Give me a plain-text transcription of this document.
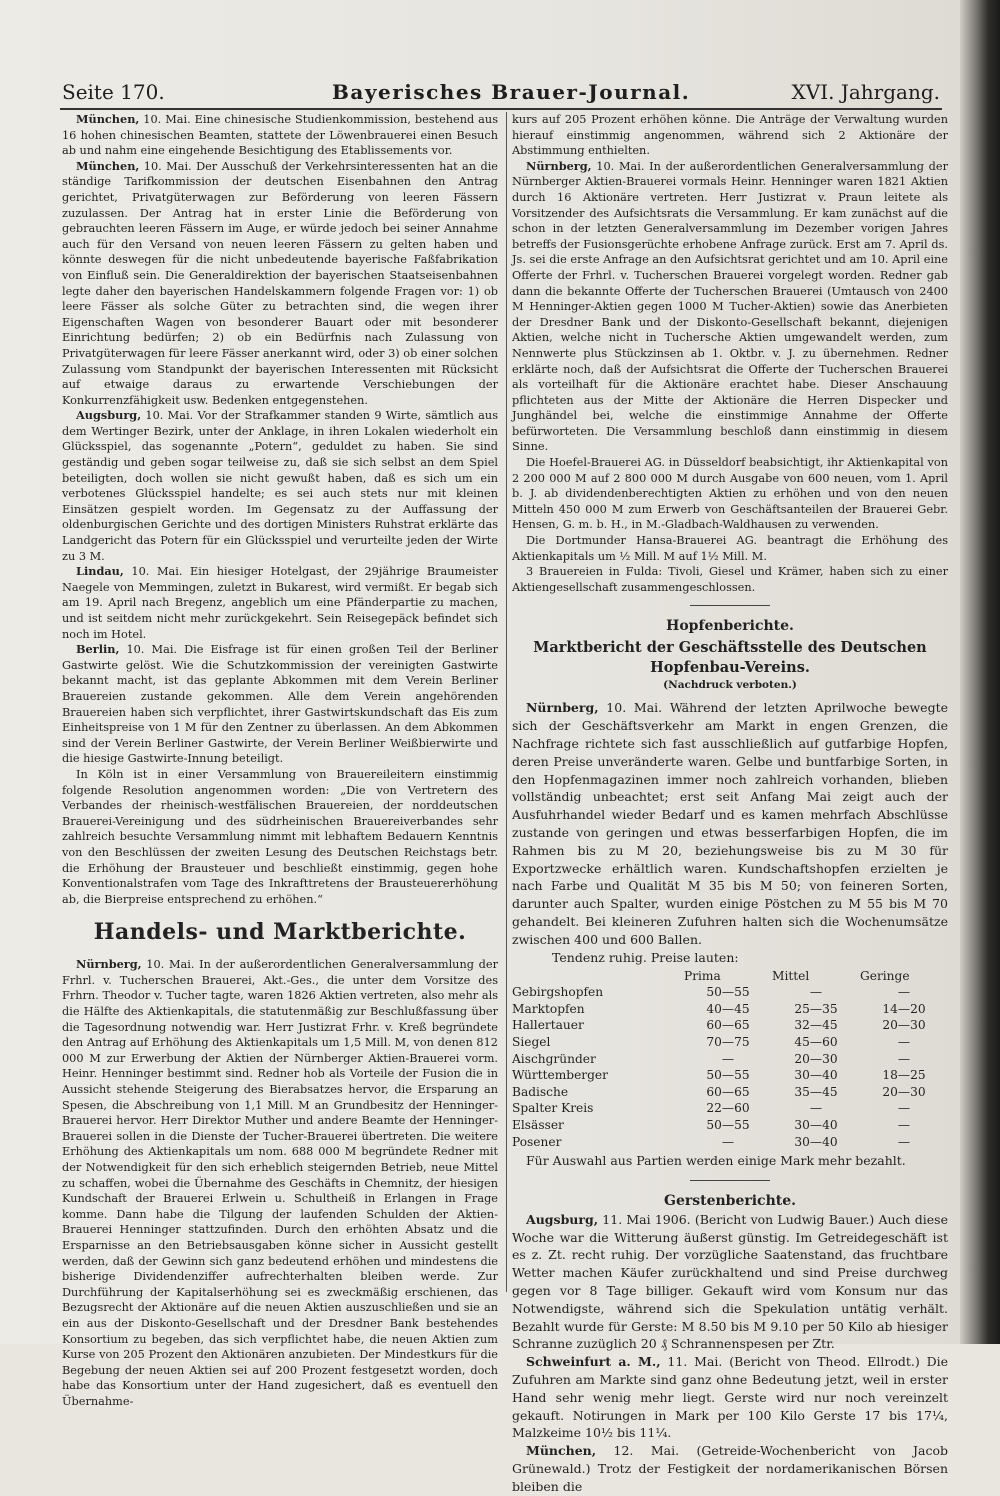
Seite 170.	Bayerisches Brauer-Journal.	XVI. Jahrgang.

München, 10. Mai. Eine chinesische Studienkommission, bestehend aus 16 hohen chinesischen Beamten, stattete der Löwenbrauerei einen Besuch ab und nahm eine eingehende Besichtigung des Etablissements vor.

München, 10. Mai. Der Ausschuß der Verkehrsinteressenten hat an die ständige Tarifkommission der deutschen Eisenbahnen den Antrag gerichtet, Privatgüterwagen zur Beförderung von leeren Fässern zuzulassen. Der Antrag hat in erster Linie die Beförderung von gebrauchten leeren Fässern im Auge, er würde jedoch bei seiner Annahme auch für den Versand von neuen leeren Fässern zu gelten haben und könnte deswegen für die nicht unbedeutende bayerische Faßfabrikation von Einfluß sein. Die Generaldirektion der bayerischen Staatseisenbahnen legte daher den bayerischen Handelskammern folgende Fragen vor: 1) ob leere Fässer als solche Güter zu betrachten sind, die wegen ihrer Eigenschaften Wagen von besonderer Bauart oder mit besonderer Einrichtung bedürfen; 2) ob ein Bedürfnis nach Zulassung von Privatgüterwagen für leere Fässer anerkannt wird, oder 3) ob einer solchen Zulassung vom Standpunkt der bayerischen Interessenten mit Rücksicht auf etwaige daraus zu erwartende Verschiebungen der Konkurrenzfähigkeit usw. Bedenken entgegenstehen.

Augsburg, 10. Mai. Vor der Strafkammer standen 9 Wirte, sämtlich aus dem Wertinger Bezirk, unter der Anklage, in ihren Lokalen wiederholt ein Glücksspiel, das sogenannte „Potern“, geduldet zu haben. Sie sind geständig und geben sogar teilweise zu, daß sie sich selbst an dem Spiel beteiligten, doch wollen sie nicht gewußt haben, daß es sich um ein verbotenes Glücksspiel handelte; es sei auch stets nur mit kleinen Einsätzen gespielt worden. Im Gegensatz zu der Auffassung der oldenburgischen Gerichte und des dortigen Ministers Ruhstrat erklärte das Landgericht das Potern für ein Glücksspiel und verurteilte jeden der Wirte zu 3 M.

Lindau, 10. Mai. Ein hiesiger Hotelgast, der 29jährige Braumeister Naegele von Memmingen, zuletzt in Bukarest, wird vermißt. Er begab sich am 19. April nach Bregenz, angeblich um eine Pfänderpartie zu machen, und ist seitdem nicht mehr zurückgekehrt. Sein Reisegepäck befindet sich noch im Hotel.

Berlin, 10. Mai. Die Eisfrage ist für einen großen Teil der Berliner Gastwirte gelöst. Wie die Schutzkommission der vereinigten Gastwirte bekannt macht, ist das geplante Abkommen mit dem Verein Berliner Brauereien zustande gekommen. Alle dem Verein angehörenden Brauereien haben sich verpflichtet, ihrer Gastwirtskundschaft das Eis zum Einheitspreise von 1 M für den Zentner zu überlassen. An dem Abkommen sind der Verein Berliner Gastwirte, der Verein Berliner Weißbierwirte und die hiesige Gastwirte-Innung beteiligt.

In Köln ist in einer Versammlung von Brauereileitern einstimmig folgende Resolution angenommen worden: „Die von Vertretern des Verbandes der rheinisch-westfälischen Brauereien, der norddeutschen Brauerei-Vereinigung und des südrheinischen Brauereiverbandes sehr zahlreich besuchte Versammlung nimmt mit lebhaftem Bedauern Kenntnis von den Beschlüssen der zweiten Lesung des Deutschen Reichstags betr. die Erhöhung der Brausteuer und beschließt einstimmig, gegen hohe Konventionalstrafen vom Tage des Inkrafttretens der Brausteuererhöhung ab, die Bierpreise entsprechend zu erhöhen.“

Handels- und Marktberichte.

Nürnberg, 10. Mai. In der außerordentlichen Generalversammlung der Frhrl. v. Tucherschen Brauerei, Akt.-Ges., die unter dem Vorsitze des Frhrn. Theodor v. Tucher tagte, waren 1826 Aktien vertreten, also mehr als die Hälfte des Aktienkapitals, die statutenmäßig zur Beschlußfassung über die Tagesordnung notwendig war. Herr Justizrat Frhr. v. Kreß begründete den Antrag auf Erhöhung des Aktienkapitals um 1,5 Mill. M, von denen 812 000 M zur Erwerbung der Aktien der Nürnberger Aktien-Brauerei vorm. Heinr. Henninger bestimmt sind. Redner hob als Vorteile der Fusion die in Aussicht stehende Steigerung des Bierabsatzes hervor, die Ersparung an Spesen, die Abschreibung von 1,1 Mill. M an Grundbesitz der Henninger-Brauerei hervor. Herr Direktor Muther und andere Beamte der Henninger-Brauerei sollen in die Dienste der Tucher-Brauerei übertreten. Die weitere Erhöhung des Aktienkapitals um nom. 688 000 M begründete Redner mit der Notwendigkeit für den sich erheblich steigernden Betrieb, neue Mittel zu schaffen, wobei die Übernahme des Geschäfts in Chemnitz, der hiesigen Kundschaft der Brauerei Erlwein u. Schultheiß in Erlangen in Frage komme. Dann habe die Tilgung der laufenden Schulden der Aktien-Brauerei Henninger stattzufinden. Durch den erhöhten Absatz und die Ersparnisse an den Betriebsausgaben könne sicher in Aussicht gestellt werden, daß der Gewinn sich ganz bedeutend erhöhen und mindestens die bisherige Dividendenziffer aufrechterhalten bleiben werde. Zur Durchführung der Kapitalserhöhung sei es zweckmäßig erschienen, das Bezugsrecht der Aktionäre auf die neuen Aktien auszuschließen und sie an ein aus der Diskonto-Gesellschaft und der Dresdner Bank bestehendes Konsortium zu begeben, das sich verpflichtet habe, die neuen Aktien zum Kurse von 205 Prozent den Aktionären anzubieten. Der Mindestkurs für die Begebung der neuen Aktien sei auf 200 Prozent festgesetzt worden, doch habe das Konsortium unter der Hand zugesichert, daß es eventuell den Übernahme-

kurs auf 205 Prozent erhöhen könne. Die Anträge der Verwaltung wurden hierauf einstimmig angenommen, während sich 2 Aktionäre der Abstimmung enthielten.

Nürnberg, 10. Mai. In der außerordentlichen Generalversammlung der Nürnberger Aktien-Brauerei vormals Heinr. Henninger waren 1821 Aktien durch 16 Aktionäre vertreten. Herr Justizrat v. Praun leitete als Vorsitzender des Aufsichtsrats die Versammlung. Er kam zunächst auf die schon in der letzten Generalversammlung im Dezember vorigen Jahres betreffs der Fusionsgerüchte erhobene Anfrage zurück. Erst am 7. April ds. Js. sei die erste Anfrage an den Aufsichtsrat gerichtet und am 10. April eine Offerte der Frhrl. v. Tucherschen Brauerei vorgelegt worden. Redner gab dann die bekannte Offerte der Tucherschen Brauerei (Umtausch von 2400 M Henninger-Aktien gegen 1000 M Tucher-Aktien) sowie das Anerbieten der Dresdner Bank und der Diskonto-Gesellschaft bekannt, diejenigen Aktien, welche nicht in Tuchersche Aktien umgewandelt werden, zum Nennwerte plus Stückzinsen ab 1. Oktbr. v. J. zu übernehmen. Redner erklärte noch, daß der Aufsichtsrat die Offerte der Tucherschen Brauerei als vorteilhaft für die Aktionäre erachtet habe. Dieser Anschauung pflichteten aus der Mitte der Aktionäre die Herren Dispecker und Junghändel bei, welche die einstimmige Annahme der Offerte befürworteten. Die Versammlung beschloß dann einstimmig in diesem Sinne.

Die Hoefel-Brauerei AG. in Düsseldorf beabsichtigt, ihr Aktienkapital von 2 200 000 M auf 2 800 000 M durch Ausgabe von 600 neuen, vom 1. April b. J. ab dividendenberechtigten Aktien zu erhöhen und von den neuen Mitteln 450 000 M zum Erwerb von Geschäftsanteilen der Brauerei Gebr. Hensen, G. m. b. H., in M.-Gladbach-Waldhausen zu verwenden.

Die Dortmunder Hansa-Brauerei AG. beantragt die Erhöhung des Aktienkapitals um ½ Mill. M auf 1½ Mill. M.

3 Brauereien in Fulda: Tivoli, Giesel und Krämer, haben sich zu einer Aktiengesellschaft zusammengeschlossen.

Hopfenberichte.
Marktbericht der Geschäftsstelle des Deutschen Hopfenbau-Vereins.
(Nachdruck verboten.)

Nürnberg, 10. Mai. Während der letzten Aprilwoche bewegte sich der Geschäftsverkehr am Markt in engen Grenzen, die Nachfrage richtete sich fast ausschließlich auf gutfarbige Hopfen, deren Preise unveränderte waren. Gelbe und buntfarbige Sorten, in den Hopfenmagazinen immer noch zahlreich vorhanden, blieben vollständig unbeachtet; erst seit Anfang Mai zeigt auch der Ausfuhrhandel wieder Bedarf und es kamen mehrfach Abschlüsse zustande von geringen und etwas besserfarbigen Hopfen, die im Rahmen bis zu M 20, beziehungsweise bis zu M 30 für Exportzwecke erhältlich waren. Kundschaftshopfen erzielten je nach Farbe und Qualität M 35 bis M 50; von feineren Sorten, darunter auch Spalter, wurden einige Pöstchen zu M 55 bis M 70 gehandelt. Bei kleineren Zufuhren halten sich die Wochenumsätze zwischen 400 und 600 Ballen.

Tendenz ruhig. Preise lauten:
	Prima	Mittel	Geringe
Gebirgshopfen	50—55	—	—
Marktopfen	40—45	25—35	14—20
Hallertauer	60—65	32—45	20—30
Siegel	70—75	45—60	—
Aischgründer	—	20—30	—
Württemberger	50—55	30—40	18—25
Badische	60—65	35—45	20—30
Spalter Kreis	22—60	—	—
Elsässer	50—55	30—40	—
Posener	—	30—40	—

Für Auswahl aus Partien werden einige Mark mehr bezahlt.

Gerstenberichte.

Augsburg, 11. Mai 1906. (Bericht von Ludwig Bauer.) Auch diese Woche war die Witterung äußerst günstig. Im Getreidegeschäft ist es z. Zt. recht ruhig. Der vorzügliche Saatenstand, das fruchtbare Wetter machen Käufer zurückhaltend und sind Preise durchweg gegen vor 8 Tage billiger. Gekauft wird vom Konsum nur das Notwendigste, während sich die Spekulation untätig verhält. Bezahlt wurde für Gerste: M 8.50 bis M 9.10 per 50 Kilo ab hiesiger Schranne zuzüglich 20 ₰ Schrannenspesen per Ztr.

Schweinfurt a. M., 11. Mai. (Bericht von Theod. Ellrodt.) Die Zufuhren am Markte sind ganz ohne Bedeutung jetzt, weil in erster Hand sehr wenig mehr liegt. Gerste wird nur noch vereinzelt gekauft. Notirungen in Mark per 100 Kilo Gerste 17 bis 17¼, Malzkeime 10½ bis 11¼.

München, 12. Mai. (Getreide-Wochenbericht von Jacob Grünewald.) Trotz der Festigkeit der nordamerikanischen Börsen bleiben die
